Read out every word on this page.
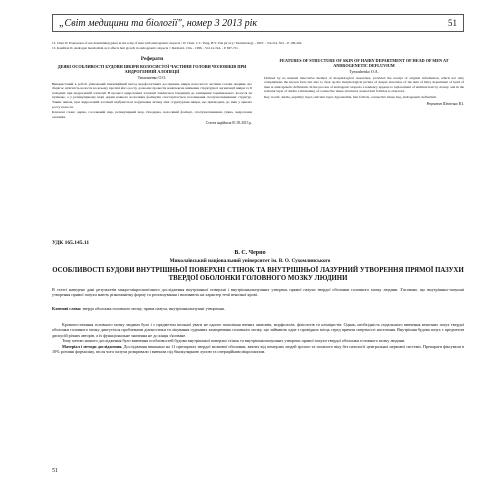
„Світ медицини та біології", номер 3 2013 рік	51

12. Chen W. Expression of sex-determining genes in the scalp of men with androgenetic alopecia / W. Chen, C.C. Yang, H.Y. Tsai [et al.] // Dermatology. - 2007. - Vol.214, №3. - P. 199-204.

13. Kaufman D. Androgen metabolism as it affects hair growth in androgenetic alopecia // Dermatol. Clin. - 1996. - Vol.14, №4. - P. 697-711.

Реферати
ДЕЯКІ ОСОБЛИВОСТІ БУДОВИ ШКІРИ ВОЛОСИСТОЇ ЧАСТИНИ ГОЛОВИ ЧОЛОВІКІВ ПРИ АНДРОГЕННІЙ АЛОПЕЦІЇ
Тимошенко О.О.
Використаний в роботі унікальний інноваційний метод морфологічних досліджень шкіри волосистої частини голови людини, що зберігає цілісність волосся на всьому протязі його росту, дозволяє провести комплексне вивчення структурної організації шкіри та її похідних при андрогенній алопеції. В процесі андрогенної алопеції з'являється тенденція до заміщення термінального волосся на пушкове, а у ретикулярному шарі дерми навколо волосяних фолікулів спостерігається потовщення сполучнотканинних структур. Таким чином, при андрогенній алопеції відбувається порушення зв'язку між структурами шкіри, що призводить до змін у циклах росту волосся.
Ключові слова: дерма, сосочковий шар, ретикулярний шар, гіподерма, волосяний фолікул, сполучнотканинна сумка, андрогенна алопеція.
Стаття надійшла 01.05.2013 р.
FEATURES OF STRUCTURE OF SKIN OF HAIRY DEPARTMENT OF HEAD OF MEN AT ANDROGENETIC DEFLUVIUM
Tymoshenko O.A.
Utilized by us unusual innovative method of morphological researches, provided the receipt of original information, which not only complements the known facts but also to clear up the morphological picture of deeper structures of the skin of hairy department of head of men at androgenetic defluvium. In the process of androgenic alopecia a tendency appears to replacement of terminal hair by downy, and in the reticular layer of derma a thickening of connective tissue structures around hair follicles is observed.
Key words: derma, papillary layer, reticular layer, hypodermis, hair follicle, connective tissue bag, androgenetic defluvium.
Рецензент Шепітько В.І.
УДК 165.145.11
В. С. Черно
Миколаївський національний університет ім. В. О. Сухомлинського
ОСОБЛИВОСТІ БУДОВИ ВНУТРІШНЬОЇ ПОВЕРХНІ СТІНОК ТА ВНУТРІШНЬОЇ ЛАЗУРНИЙ УТВОРЕННЯ ПРЯМОЇ ПАЗУХИ ТВЕРДОЇ ОБОЛОНКИ ГОЛОВНОГО МОЗКУ ЛЮДИНИ
В статті наведено дані результатів макро-мікроскопічного дослідження внутрішньої поверхні і внутрішньопазушних утворень прямої пазухи твердої оболонки головного мозку людини. З'ясовано, що внутрішньо-пазушні утворення прямої пазухи мають різноманітну форму та розташування і впливають на характер течії венозної крові.
Ключові слова: тверда оболонка головного мозку, пряма пазуха, внутрішньопазушні утворення.

Кровопостачання головного мозку людини було і є предметом пильної уваги не одного покоління вчених анатомів, морфологів, фізіологів та клініцистів. Однак, необхідність подальшого вивчення венозних пазух твердої оболонки головного мозку диктується проблемами діагностики та лікування судинних захворювань головного мозку, що займають одне з провідних місць серед причин смертності населення. Внутрішня будова пазух є предметом дискусій різних авторів, а їх функціональне значення не до кінця з'ясоване.

Тому метою нашого дослідження було вивчення особливостей будови внутрішньої поверхні стінок та внутрішньопазушних утворень прямої пазухи твердої оболонки головного мозку людини.

Матеріал і методи дослідження. Дослідження виконано на 11 препаратах твердої мозкової оболонки, взятих від померлих людей зрілого та похилого віку без патології центральної нервової системи. Препарати фіксували в 10% розчині формаліну, після чого пазухи розкривали і вивчали під бінокулярною лупою та операційним мікроскопом.

51
